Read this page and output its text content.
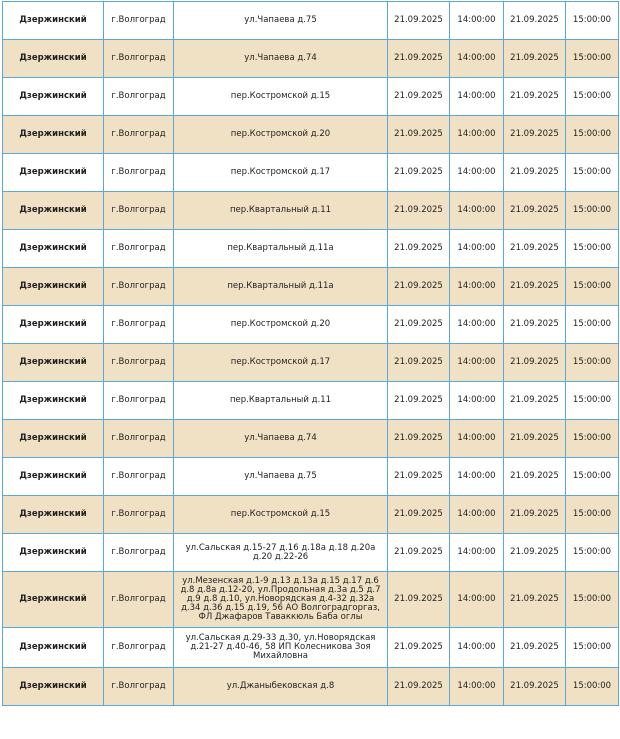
Дзержинский	г.Волгоград	ул.Чапаева д.75	21.09.2025	14:00:00	21.09.2025	15:00:00
Дзержинский	г.Волгоград	ул.Чапаева д.74	21.09.2025	14:00:00	21.09.2025	15:00:00
Дзержинский	г.Волгоград	пер.Костромской д.15	21.09.2025	14:00:00	21.09.2025	15:00:00
Дзержинский	г.Волгоград	пер.Костромской д.20	21.09.2025	14:00:00	21.09.2025	15:00:00
Дзержинский	г.Волгоград	пер.Костромской д.17	21.09.2025	14:00:00	21.09.2025	15:00:00
Дзержинский	г.Волгоград	пер.Квартальный д.11	21.09.2025	14:00:00	21.09.2025	15:00:00
Дзержинский	г.Волгоград	пер.Квартальный д.11а	21.09.2025	14:00:00	21.09.2025	15:00:00
Дзержинский	г.Волгоград	пер.Квартальный д.11а	21.09.2025	14:00:00	21.09.2025	15:00:00
Дзержинский	г.Волгоград	пер.Костромской д.20	21.09.2025	14:00:00	21.09.2025	15:00:00
Дзержинский	г.Волгоград	пер.Костромской д.17	21.09.2025	14:00:00	21.09.2025	15:00:00
Дзержинский	г.Волгоград	пер.Квартальный д.11	21.09.2025	14:00:00	21.09.2025	15:00:00
Дзержинский	г.Волгоград	ул.Чапаева д.74	21.09.2025	14:00:00	21.09.2025	15:00:00
Дзержинский	г.Волгоград	ул.Чапаева д.75	21.09.2025	14:00:00	21.09.2025	15:00:00
Дзержинский	г.Волгоград	пер.Костромской д.15	21.09.2025	14:00:00	21.09.2025	15:00:00
Дзержинский	г.Волгоград	ул.Сальская д.15-27 д.16 д.18а д.18 д.20а д.20 д.22-26	21.09.2025	14:00:00	21.09.2025	15:00:00
Дзержинский	г.Волгоград	ул.Мезенская д.1-9 д.13 д.13а д.15 д.17 д.6 д.8 д.8а д.12-20, ул.Продольная д.3а д.5 д.7 д.9 д.8 д.10, ул.Новорядская д.4-32 д.32а д.34 д.36 д.15 д.19, 56 АО Волгоградгоргаз, ФЛ Джафаров Таваккюль Баба оглы	21.09.2025	14:00:00	21.09.2025	15:00:00
Дзержинский	г.Волгоград	ул.Сальская д.29-33 д.30, ул.Новорядская д.21-27 д.40-46, 58 ИП Колесникова Зоя Михайловна	21.09.2025	14:00:00	21.09.2025	15:00:00
Дзержинский	г.Волгоград	ул.Джаныбековская д.8	21.09.2025	14:00:00	21.09.2025	15:00:00
